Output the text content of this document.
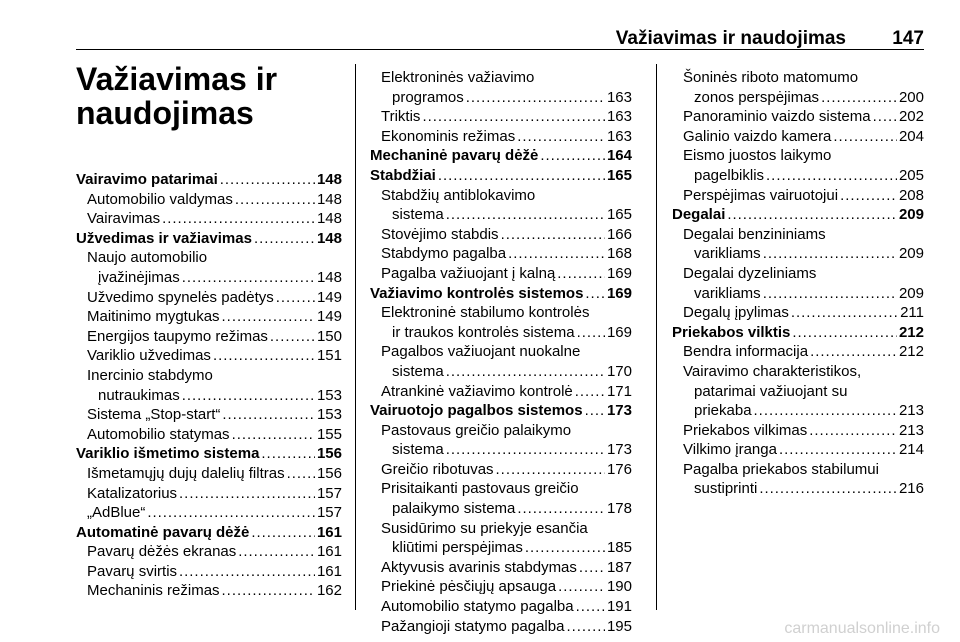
Važiavimas ir naudojimas 147
Važiavimas ir naudojimas
Vairavimo patarimai . . .	148
Automobilio valdymas . . .	148
Vairavimas . . .	148
Užvedimas ir važiavimas . . .	148
Naujo automobilio
įvažinėjimas . . .	148
Užvedimo spynelės padėtys . . .	149
Maitinimo mygtukas . . .	149
Energijos taupymo režimas . . .	150
Variklio užvedimas . . .	151
Inercinio stabdymo
nutraukimas . . .	153
Sistema „Stop-start“ . . .	153
Automobilio statymas . . .	155
Variklio išmetimo sistema . . .	156
Išmetamųjų dujų dalelių filtras . . . 156
Katalizatorius . . .	157
„AdBlue“ . . .	157
Automatinė pavarų dėžė . . .	161
Pavarų dėžės ekranas . . .	161
Pavarų svirtis . . .	161
Mechaninis režimas . . .	162
Elektroninės važiavimo
programos . . .	163
Triktis . . .	163
Ekonominis režimas . . .	163
Mechaninė pavarų dėžė . . .	164
Stabdžiai . . .	165
Stabdžių antiblokavimo
sistema . . .	165
Stovėjimo stabdis . . .	166
Stabdymo pagalba . . .	168
Pagalba važiuojant į kalną . . .	169
Važiavimo kontrolės sistemos . . . 169
Elektroninė stabilumo kontrolės
ir traukos kontrolės sistema . . . 169
Pagalbos važiuojant nuokalne
sistema . . .	170
Atrankinė važiavimo kontrolė . . . 171
Vairuotojo pagalbos sistemos . . . 173
Pastovaus greičio palaikymo
sistema . . .	173
Greičio ribotuvas . . .	176
Prisitaikanti pastovaus greičio
palaikymo sistema . . .	178
Susidūrimo su priekyje esančia
kliūtimi perspėjimas . . .	185
Aktyvusis avarinis stabdymas . . . 187
Priekinė pėsčiųjų apsauga . . .	190
Automobilio statymo pagalba . . . 191
Pažangioji statymo pagalba . . .	195
Šoninės riboto matomumo
zonos perspėjimas . . .	200
Panoraminio vaizdo sistema . . . 202
Galinio vaizdo kamera . . .	204
Eismo juostos laikymo
pagelbiklis . . .	205
Perspėjimas vairuotojui . . .	208
Degalai . . .	209
Degalai benzininiams
varikliams . . .	209
Degalai dyzeliniams
varikliams . . .	209
Degalų įpylimas . . .	211
Priekabos vilktis . . .	212
Bendra informacija . . .	212
Vairavimo charakteristikos,
patarimai važiuojant su
priekaba . . .	213
Priekabos vilkimas . . .	213
Vilkimo įranga . . .	214
Pagalba priekabos stabilumui
sustiprinti . . .	216
carmanualsonline.info
